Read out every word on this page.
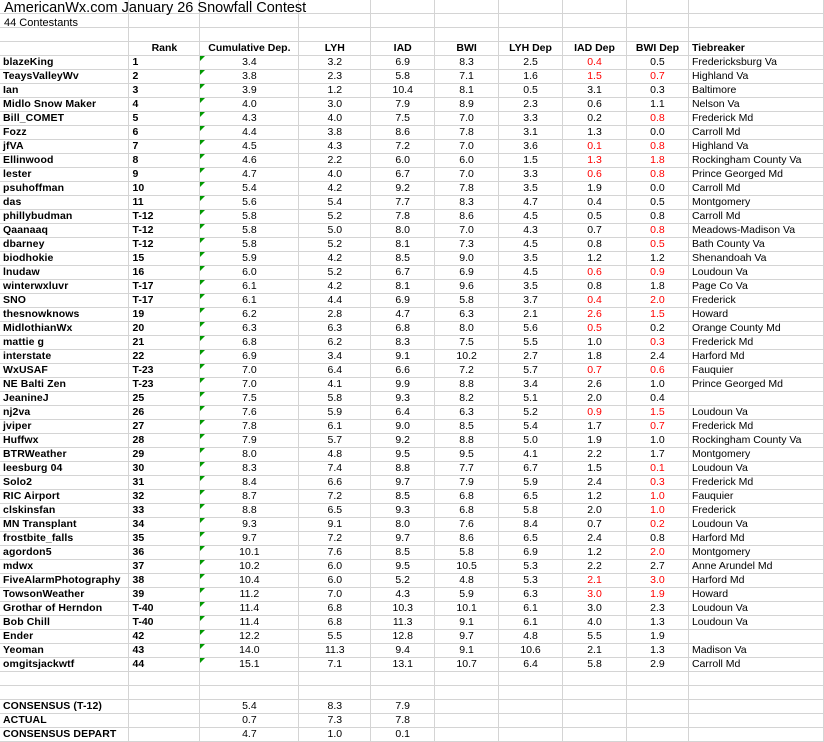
	Rank	Cumulative Dep.	LYH	IAD	BWI	LYH Dep	IAD Dep	BWI Dep	Tiebreaker
blazeKing	1	3.4	3.2	6.9	8.3	2.5	0.4	0.5	Fredericksburg Va
TeaysValleyWv	2	3.8	2.3	5.8	7.1	1.6	1.5	0.7	Highland Va
Ian	3	3.9	1.2	10.4	8.1	0.5	3.1	0.3	Baltimore
Midlo Snow Maker	4	4.0	3.0	7.9	8.9	2.3	0.6	1.1	Nelson Va
Bill_COMET	5	4.3	4.0	7.5	7.0	3.3	0.2	0.8	Frederick Md
Fozz	6	4.4	3.8	8.6	7.8	3.1	1.3	0.0	Carroll Md
jfVA	7	4.5	4.3	7.2	7.0	3.6	0.1	0.8	Highland Va
Ellinwood	8	4.6	2.2	6.0	6.0	1.5	1.3	1.8	Rockingham County Va
lester	9	4.7	4.0	6.7	7.0	3.3	0.6	0.8	Prince Georged Md
psuhoffman	10	5.4	4.2	9.2	7.8	3.5	1.9	0.0	Carroll Md
das	11	5.6	5.4	7.7	8.3	4.7	0.4	0.5	Montgomery
phillybudman	T-12	5.8	5.2	7.8	8.6	4.5	0.5	0.8	Carroll Md
Qaanaaq	T-12	5.8	5.0	8.0	7.0	4.3	0.7	0.8	Meadows-Madison Va
dbarney	T-12	5.8	5.2	8.1	7.3	4.5	0.8	0.5	Bath County Va
biodhokie	15	5.9	4.2	8.5	9.0	3.5	1.2	1.2	Shenandoah Va
lnudaw	16	6.0	5.2	6.7	6.9	4.5	0.6	0.9	Loudoun Va
winterwxluvr	T-17	6.1	4.2	8.1	9.6	3.5	0.8	1.8	Page Co Va
SNO	T-17	6.1	4.4	6.9	5.8	3.7	0.4	2.0	Frederick
thesnowknows	19	6.2	2.8	4.7	6.3	2.1	2.6	1.5	Howard
MidlothianWx	20	6.3	6.3	6.8	8.0	5.6	0.5	0.2	Orange County Md
mattie g	21	6.8	6.2	8.3	7.5	5.5	1.0	0.3	Frederick Md
interstate	22	6.9	3.4	9.1	10.2	2.7	1.8	2.4	Harford Md
WxUSAF	T-23	7.0	6.4	6.6	7.2	5.7	0.7	0.6	Fauquier
NE Balti Zen	T-23	7.0	4.1	9.9	8.8	3.4	2.6	1.0	Prince Georged Md
JeanineJ	25	7.5	5.8	9.3	8.2	5.1	2.0	0.4	
nj2va	26	7.6	5.9	6.4	6.3	5.2	0.9	1.5	Loudoun Va
jviper	27	7.8	6.1	9.0	8.5	5.4	1.7	0.7	Frederick Md
Huffwx	28	7.9	5.7	9.2	8.8	5.0	1.9	1.0	Rockingham County Va
BTRWeather	29	8.0	4.8	9.5	9.5	4.1	2.2	1.7	Montgomery
leesburg 04	30	8.3	7.4	8.8	7.7	6.7	1.5	0.1	Loudoun Va
Solo2	31	8.4	6.6	9.7	7.9	5.9	2.4	0.3	Frederick Md
RIC Airport	32	8.7	7.2	8.5	6.8	6.5	1.2	1.0	Fauquier
clskinsfan	33	8.8	6.5	9.3	6.8	5.8	2.0	1.0	Frederick
MN Transplant	34	9.3	9.1	8.0	7.6	8.4	0.7	0.2	Loudoun Va
frostbite_falls	35	9.7	7.2	9.7	8.6	6.5	2.4	0.8	Harford Md
agordon5	36	10.1	7.6	8.5	5.8	6.9	1.2	2.0	Montgomery
mdwx	37	10.2	6.0	9.5	10.5	5.3	2.2	2.7	Anne Arundel Md
FiveAlarmPhotography	38	10.4	6.0	5.2	4.8	5.3	2.1	3.0	Harford Md
TowsonWeather	39	11.2	7.0	4.3	5.9	6.3	3.0	1.9	Howard
Grothar of Herndon	T-40	11.4	6.8	10.3	10.1	6.1	3.0	2.3	Loudoun Va
Bob Chill	T-40	11.4	6.8	11.3	9.1	6.1	4.0	1.3	Loudoun Va
Ender	42	12.2	5.5	12.8	9.7	4.8	5.5	1.9	
Yeoman	43	14.0	11.3	9.4	9.1	10.6	2.1	1.3	Madison Va
omgitsjackwtf	44	15.1	7.1	13.1	10.7	6.4	5.8	2.9	Carroll Md

CONSENSUS (T-12)		5.4	8.3	7.9					
ACTUAL		0.7	7.3	7.8					
CONSENSUS DEPART		4.7	1.0	0.1					
AmericanWx.com January 26 Snowfall Contest
44 Contestants
